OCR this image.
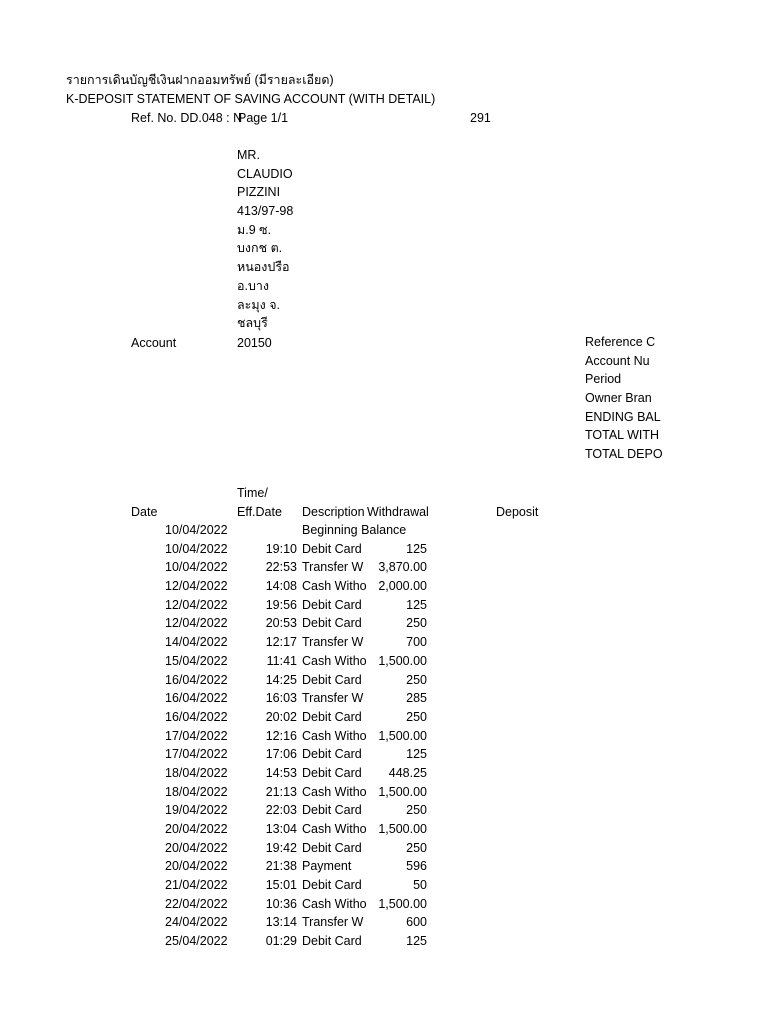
รายการเดินบัญชีเงินฝากออมทรัพย์ (มีรายละเอียด)
K-DEPOSIT STATEMENT OF SAVING ACCOUNT (WITH DETAIL)
Ref. No. DD.048 : N
Page 1/1	291
MR.
CLAUDIO
PIZZINI
413/97-98
ม.9 ซ.
บงกช ต.
หนองปรือ
อ.บาง
ละมุง จ.
ชลบุรี
Account	20150	Reference C
Account Nu
Period
Owner Bran
ENDING BAL
TOTAL WITH
TOTAL DEPO
Time/
Date	Eff.Date Description Withdrawal	Deposit
10/04/2022	Beginning Balance
10/04/2022	19:10 Debit Card	125
10/04/2022	22:53 Transfer W	3,870.00
12/04/2022	14:08 Cash Witho 2,000.00
12/04/2022	19:56 Debit Card	125
12/04/2022	20:53 Debit Card	250
14/04/2022	12:17 Transfer W	700
15/04/2022	11:41 Cash Witho 1,500.00
16/04/2022	14:25 Debit Card	250
16/04/2022	16:03 Transfer W	285
16/04/2022	20:02 Debit Card	250
17/04/2022	12:16 Cash Witho 1,500.00
17/04/2022	17:06 Debit Card	125
18/04/2022	14:53 Debit Card	448.25
18/04/2022	21:13 Cash Witho 1,500.00
19/04/2022	22:03 Debit Card	250
20/04/2022	13:04 Cash Witho 1,500.00
20/04/2022	19:42 Debit Card	250
20/04/2022	21:38 Payment	596
21/04/2022	15:01 Debit Card	50
22/04/2022	10:36 Cash Witho 1,500.00
24/04/2022	13:14 Transfer W	600
25/04/2022	01:29 Debit Card	125
